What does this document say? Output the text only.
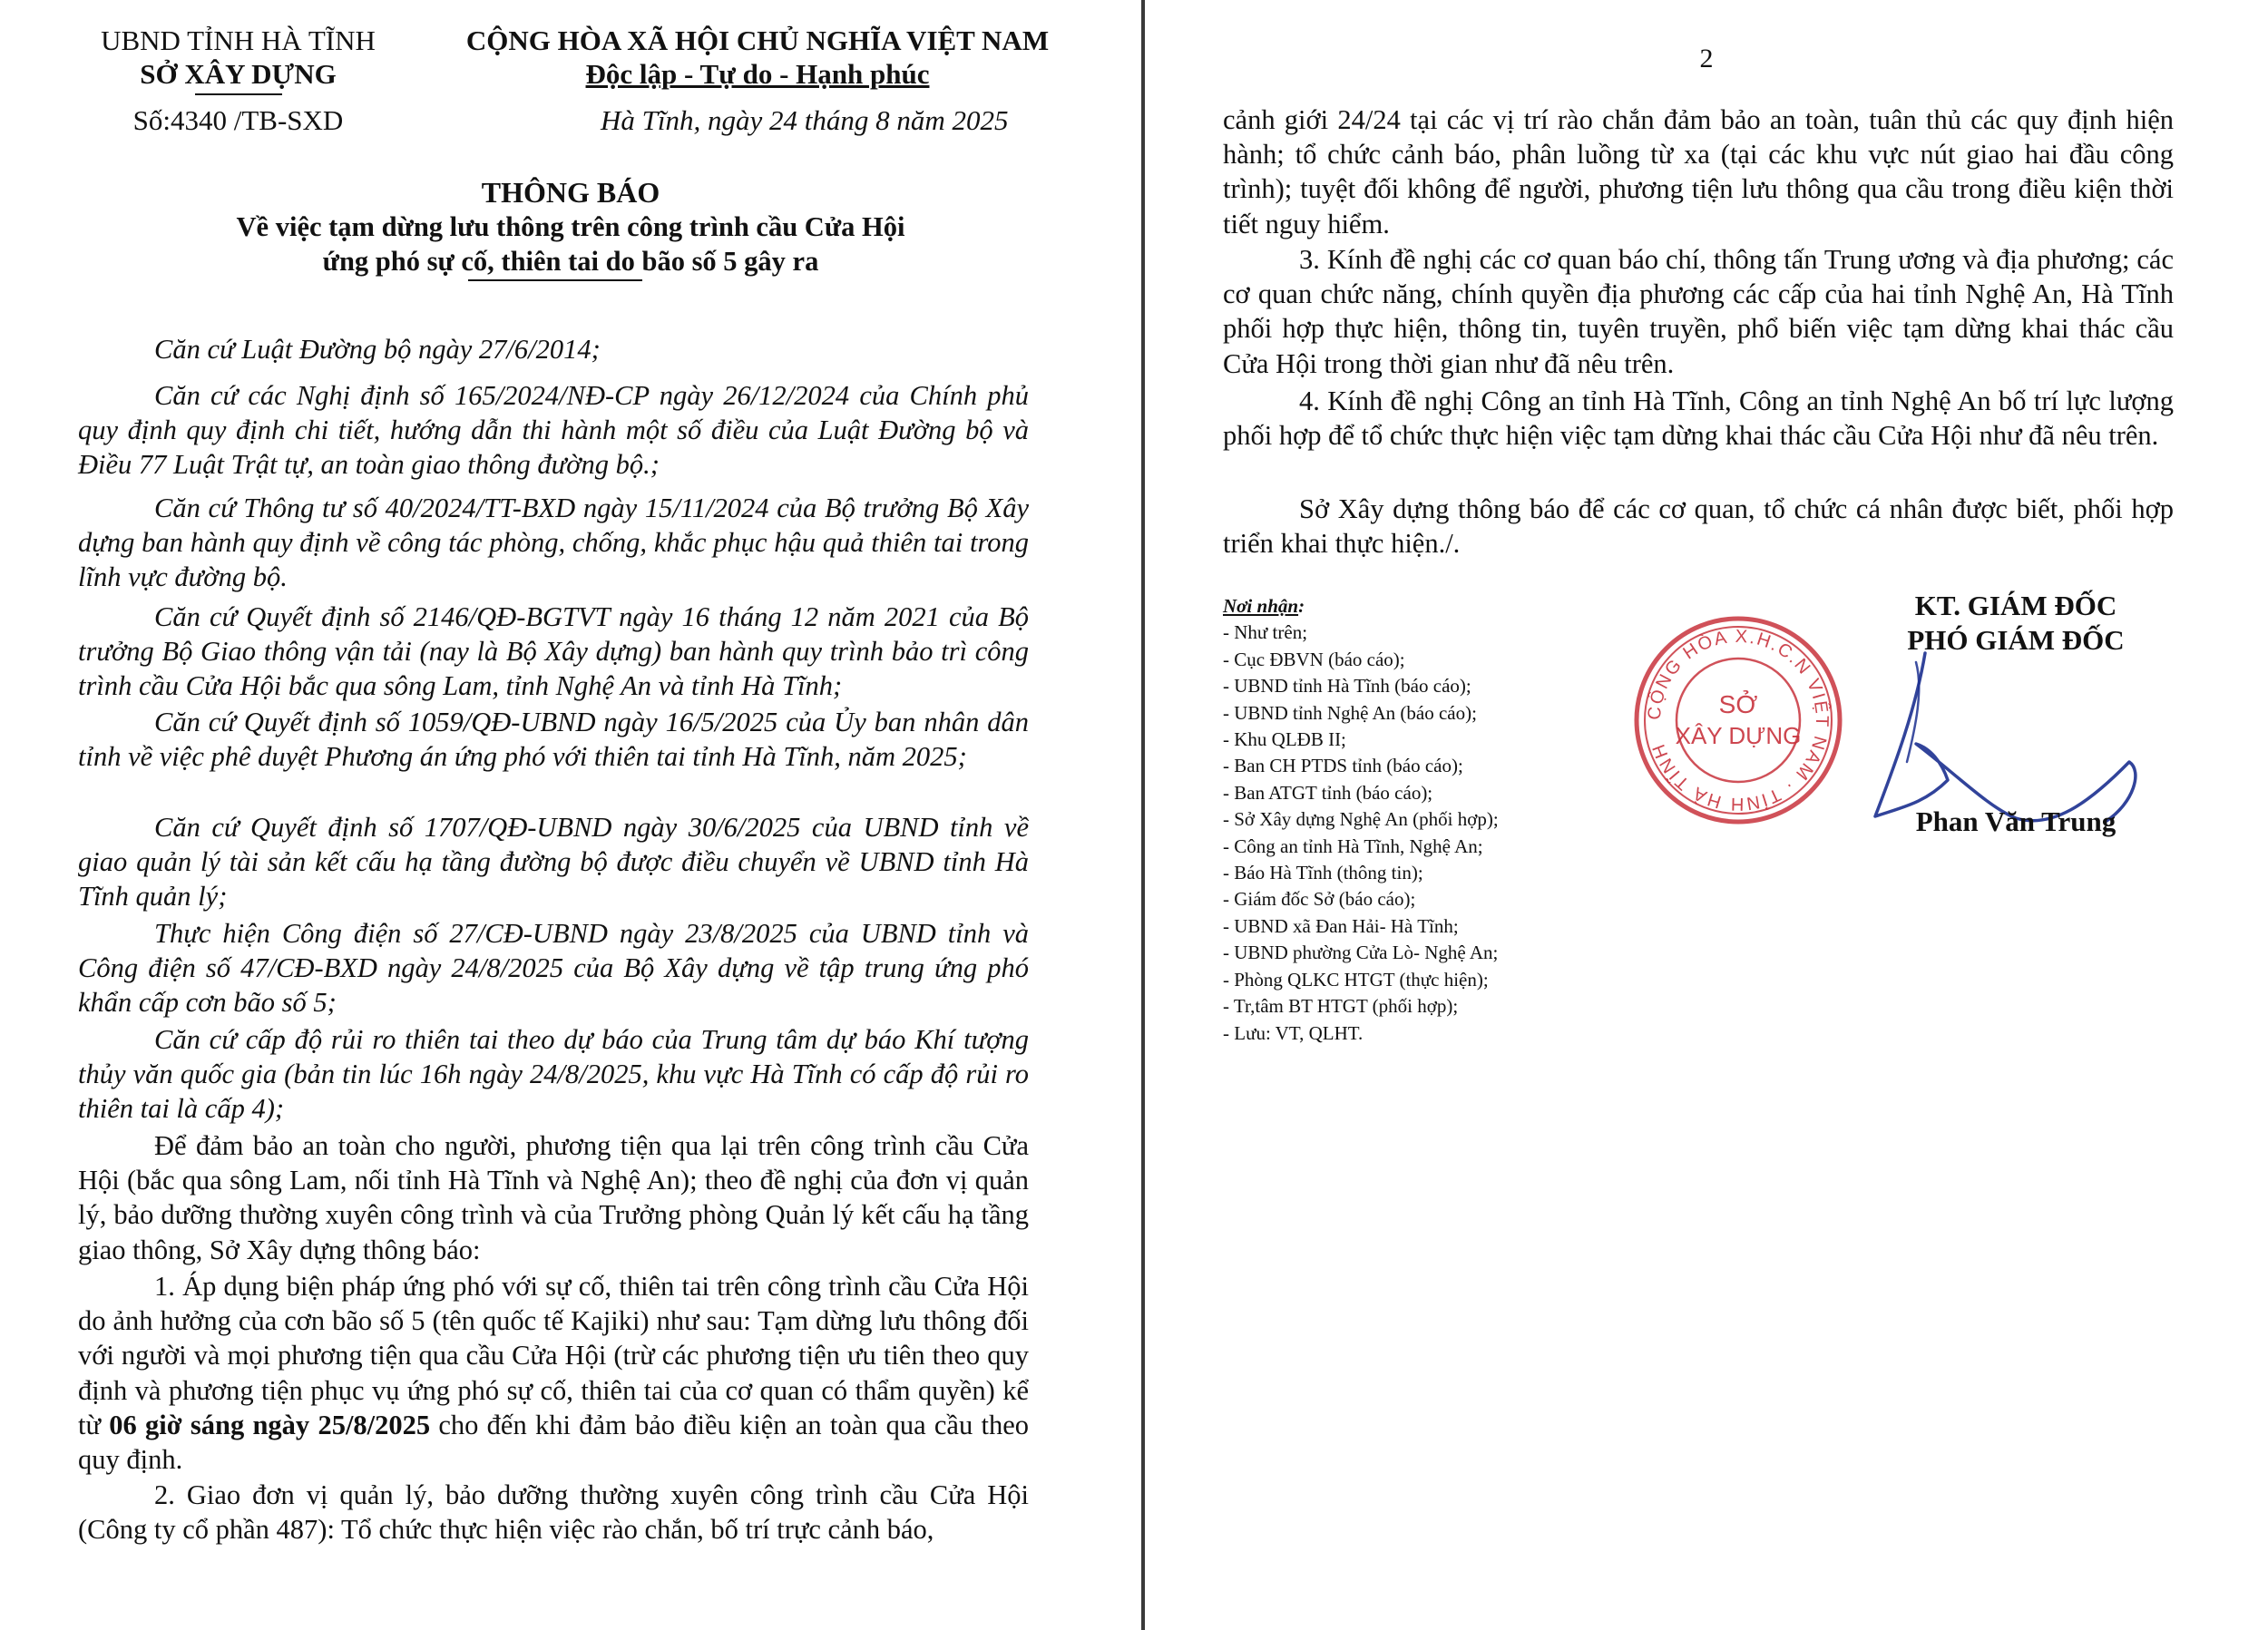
UBND TỈNH HÀ TĨNH
SỞ XÂY DỰNG
Số:4340 /TB-SXD
CỘNG HÒA XÃ HỘI CHỦ NGHĨA VIỆT NAM
Độc lập - Tự do - Hạnh phúc
Hà Tĩnh, ngày 24 tháng 8 năm 2025
THÔNG BÁO
Về việc tạm dừng lưu thông trên công trình cầu Cửa Hội
ứng phó sự cố, thiên tai do bão số 5 gây ra

Căn cứ Luật Đường bộ ngày 27/6/2014;

Căn cứ các Nghị định số 165/2024/NĐ-CP ngày 26/12/2024 của Chính phủ quy định quy định chi tiết, hướng dẫn thi hành một số điều của Luật Đường bộ và Điều 77 Luật Trật tự, an toàn giao thông đường bộ.;

Căn cứ Thông tư số 40/2024/TT-BXD ngày 15/11/2024 của Bộ trưởng Bộ Xây dựng ban hành quy định về công tác phòng, chống, khắc phục hậu quả thiên tai trong lĩnh vực đường bộ.

Căn cứ Quyết định số 2146/QĐ-BGTVT ngày 16 tháng 12 năm 2021 của Bộ trưởng Bộ Giao thông vận tải (nay là Bộ Xây dựng) ban hành quy trình bảo trì công trình cầu Cửa Hội bắc qua sông Lam, tỉnh Nghệ An và tỉnh Hà Tĩnh;

Căn cứ Quyết định số 1059/QĐ-UBND ngày 16/5/2025 của Ủy ban nhân dân tỉnh về việc phê duyệt Phương án ứng phó với thiên tai tỉnh Hà Tĩnh, năm 2025;

Căn cứ Quyết định số 1707/QĐ-UBND ngày 30/6/2025 của UBND tỉnh về giao quản lý tài sản kết cấu hạ tầng đường bộ được điều chuyển về UBND tỉnh Hà Tĩnh quản lý;

Thực hiện Công điện số 27/CĐ-UBND ngày 23/8/2025 của UBND tỉnh và Công điện số 47/CĐ-BXD ngày 24/8/2025 của Bộ Xây dựng về tập trung ứng phó khẩn cấp cơn bão số 5;

Căn cứ cấp độ rủi ro thiên tai theo dự báo của Trung tâm dự báo Khí tượng thủy văn quốc gia (bản tin lúc 16h ngày 24/8/2025, khu vực Hà Tĩnh có cấp độ rủi ro thiên tai là cấp 4);

Để đảm bảo an toàn cho người, phương tiện qua lại trên công trình cầu Cửa Hội (bắc qua sông Lam, nối tỉnh Hà Tĩnh và Nghệ An); theo đề nghị của đơn vị quản lý, bảo dưỡng thường xuyên công trình và của Trưởng phòng Quản lý kết cấu hạ tầng giao thông, Sở Xây dựng thông báo:

1. Áp dụng biện pháp ứng phó với sự cố, thiên tai trên công trình cầu Cửa Hội do ảnh hưởng của cơn bão số 5 (tên quốc tế Kajiki) như sau: Tạm dừng lưu thông đối với người và mọi phương tiện qua cầu Cửa Hội (trừ các phương tiện ưu tiên theo quy định và phương tiện phục vụ ứng phó sự cố, thiên tai của cơ quan có thẩm quyền) kể từ 06 giờ sáng ngày 25/8/2025 cho đến khi đảm bảo điều kiện an toàn qua cầu theo quy định.

2. Giao đơn vị quản lý, bảo dưỡng thường xuyên công trình cầu Cửa Hội (Công ty cổ phần 487): Tổ chức thực hiện việc rào chắn, bố trí trực cảnh báo,

2

cảnh giới 24/24 tại các vị trí rào chắn đảm bảo an toàn, tuân thủ các quy định hiện hành; tổ chức cảnh báo, phân luồng từ xa (tại các khu vực nút giao hai đầu công trình); tuyệt đối không để người, phương tiện lưu thông qua cầu trong điều kiện thời tiết nguy hiểm.

3. Kính đề nghị các cơ quan báo chí, thông tấn Trung ương và địa phương; các cơ quan chức năng, chính quyền địa phương các cấp của hai tỉnh Nghệ An, Hà Tĩnh phối hợp thực hiện, thông tin, tuyên truyền, phổ biến việc tạm dừng khai thác cầu Cửa Hội trong thời gian như đã nêu trên.

4. Kính đề nghị Công an tỉnh Hà Tĩnh, Công an tỉnh Nghệ An bố trí lực lượng phối hợp để tổ chức thực hiện việc tạm dừng khai thác cầu Cửa Hội như đã nêu trên.

Sở Xây dựng thông báo để các cơ quan, tổ chức cá nhân được biết, phối hợp triển khai thực hiện./.

Nơi nhận:
- Như trên;
- Cục ĐBVN (báo cáo);
- UBND tỉnh Hà Tĩnh (báo cáo);
- UBND tỉnh Nghệ An (báo cáo);
- Khu QLĐB II;
- Ban CH PTDS tỉnh (báo cáo);
- Ban ATGT tỉnh (báo cáo);
- Sở Xây dựng Nghệ An (phối hợp);
- Công an tỉnh Hà Tĩnh, Nghệ An;
- Báo Hà Tĩnh (thông tin);
- Giám đốc Sở (báo cáo);
- UBND xã Đan Hải- Hà Tĩnh;
- UBND phường Cửa Lò- Nghệ An;
- Phòng QLKC HTGT (thực hiện);
- Tr,tâm BT HTGT (phối hợp);
- Lưu: VT, QLHT.
KT. GIÁM ĐỐC
PHÓ GIÁM ĐỐC
CỘNG HÒA X.H.C.N VIỆT NAM · TỈNH HÀ TĨNH
SỞ
XÂY DỰNG
Phan Văn Trung
